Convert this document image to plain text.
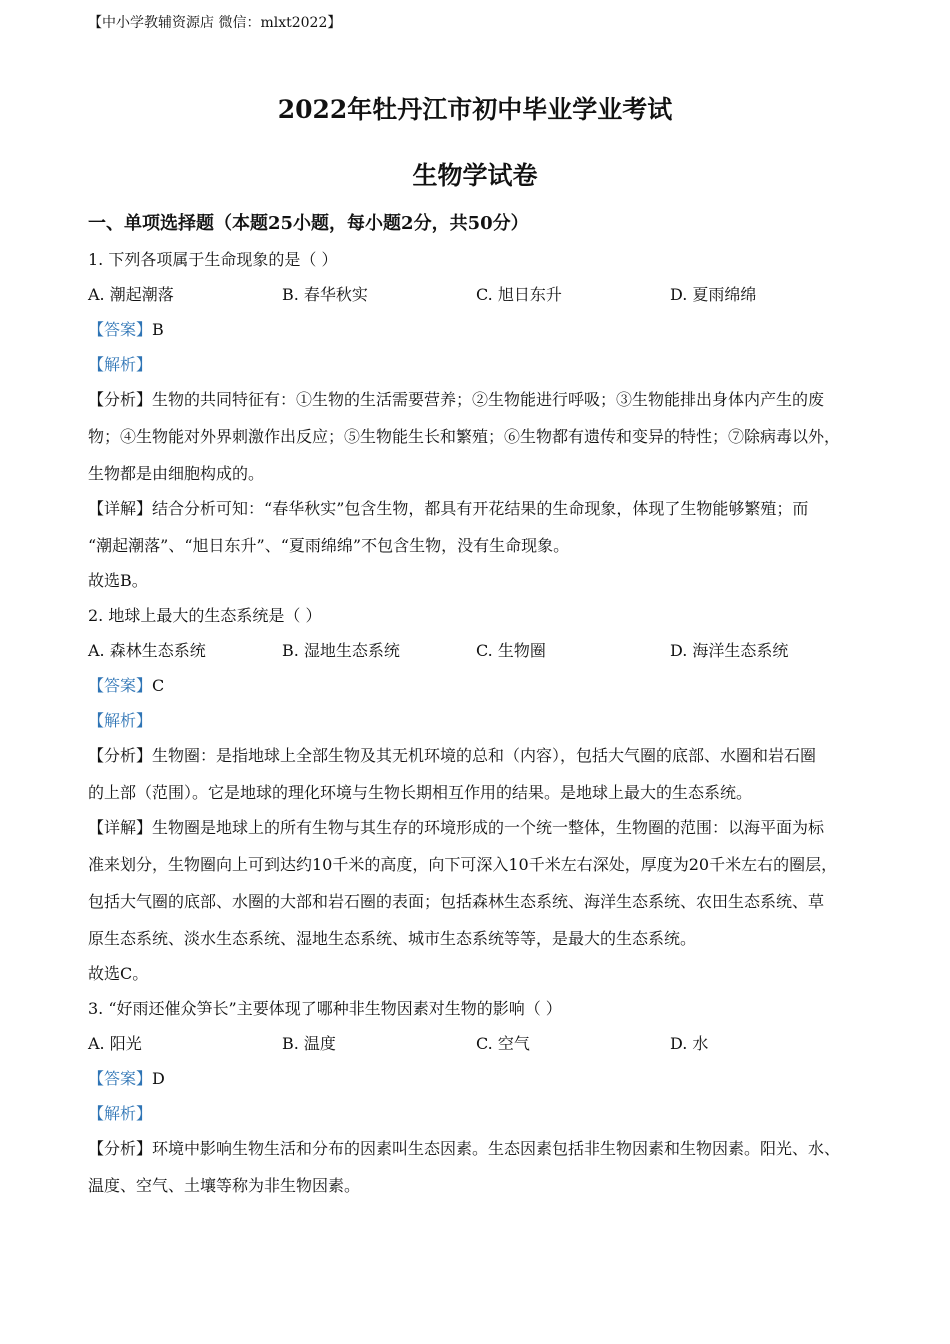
【中小学教辅资源店 微信：mlxt2022】
2022年牡丹江市初中毕业学业考试
生物学试卷
一、单项选择题（本题25小题，每小题2分，共50分）
1. 下列各项属于生命现象的是（ ）
A. 潮起潮落	B. 春华秋实	C. 旭日东升	D. 夏雨绵绵
【答案】B
【解析】
【分析】生物的共同特征有：①生物的生活需要营养；②生物能进行呼吸；③生物能排出身体内产生的废
物；④生物能对外界刺激作出反应；⑤生物能生长和繁殖；⑥生物都有遗传和变异的特性；⑦除病毒以外，
生物都是由细胞构成的。
【详解】结合分析可知：“春华秋实”包含生物，都具有开花结果的生命现象，体现了生物能够繁殖；而
“潮起潮落”、“旭日东升”、“夏雨绵绵”不包含生物，没有生命现象。
故选B。
2. 地球上最大的生态系统是（ ）
A. 森林生态系统	B. 湿地生态系统	C. 生物圈	D. 海洋生态系统
【答案】C
【解析】
【分析】生物圈：是指地球上全部生物及其无机环境的总和（内容），包括大气圈的底部、水圈和岩石圈
的上部（范围）。它是地球的理化环境与生物长期相互作用的结果。是地球上最大的生态系统。
【详解】生物圈是地球上的所有生物与其生存的环境形成的一个统一整体，生物圈的范围：以海平面为标
准来划分，生物圈向上可到达约10千米的高度，向下可深入10千米左右深处，厚度为20千米左右的圈层，
包括大气圈的底部、水圈的大部和岩石圈的表面；包括森林生态系统、海洋生态系统、农田生态系统、草
原生态系统、淡水生态系统、湿地生态系统、城市生态系统等等，是最大的生态系统。
故选C。
3. “好雨还催众笋长”主要体现了哪种非生物因素对生物的影响（ ）
A. 阳光	B. 温度	C. 空气	D. 水
【答案】D
【解析】
【分析】环境中影响生物生活和分布的因素叫生态因素。生态因素包括非生物因素和生物因素。阳光、水、
温度、空气、土壤等称为非生物因素。
